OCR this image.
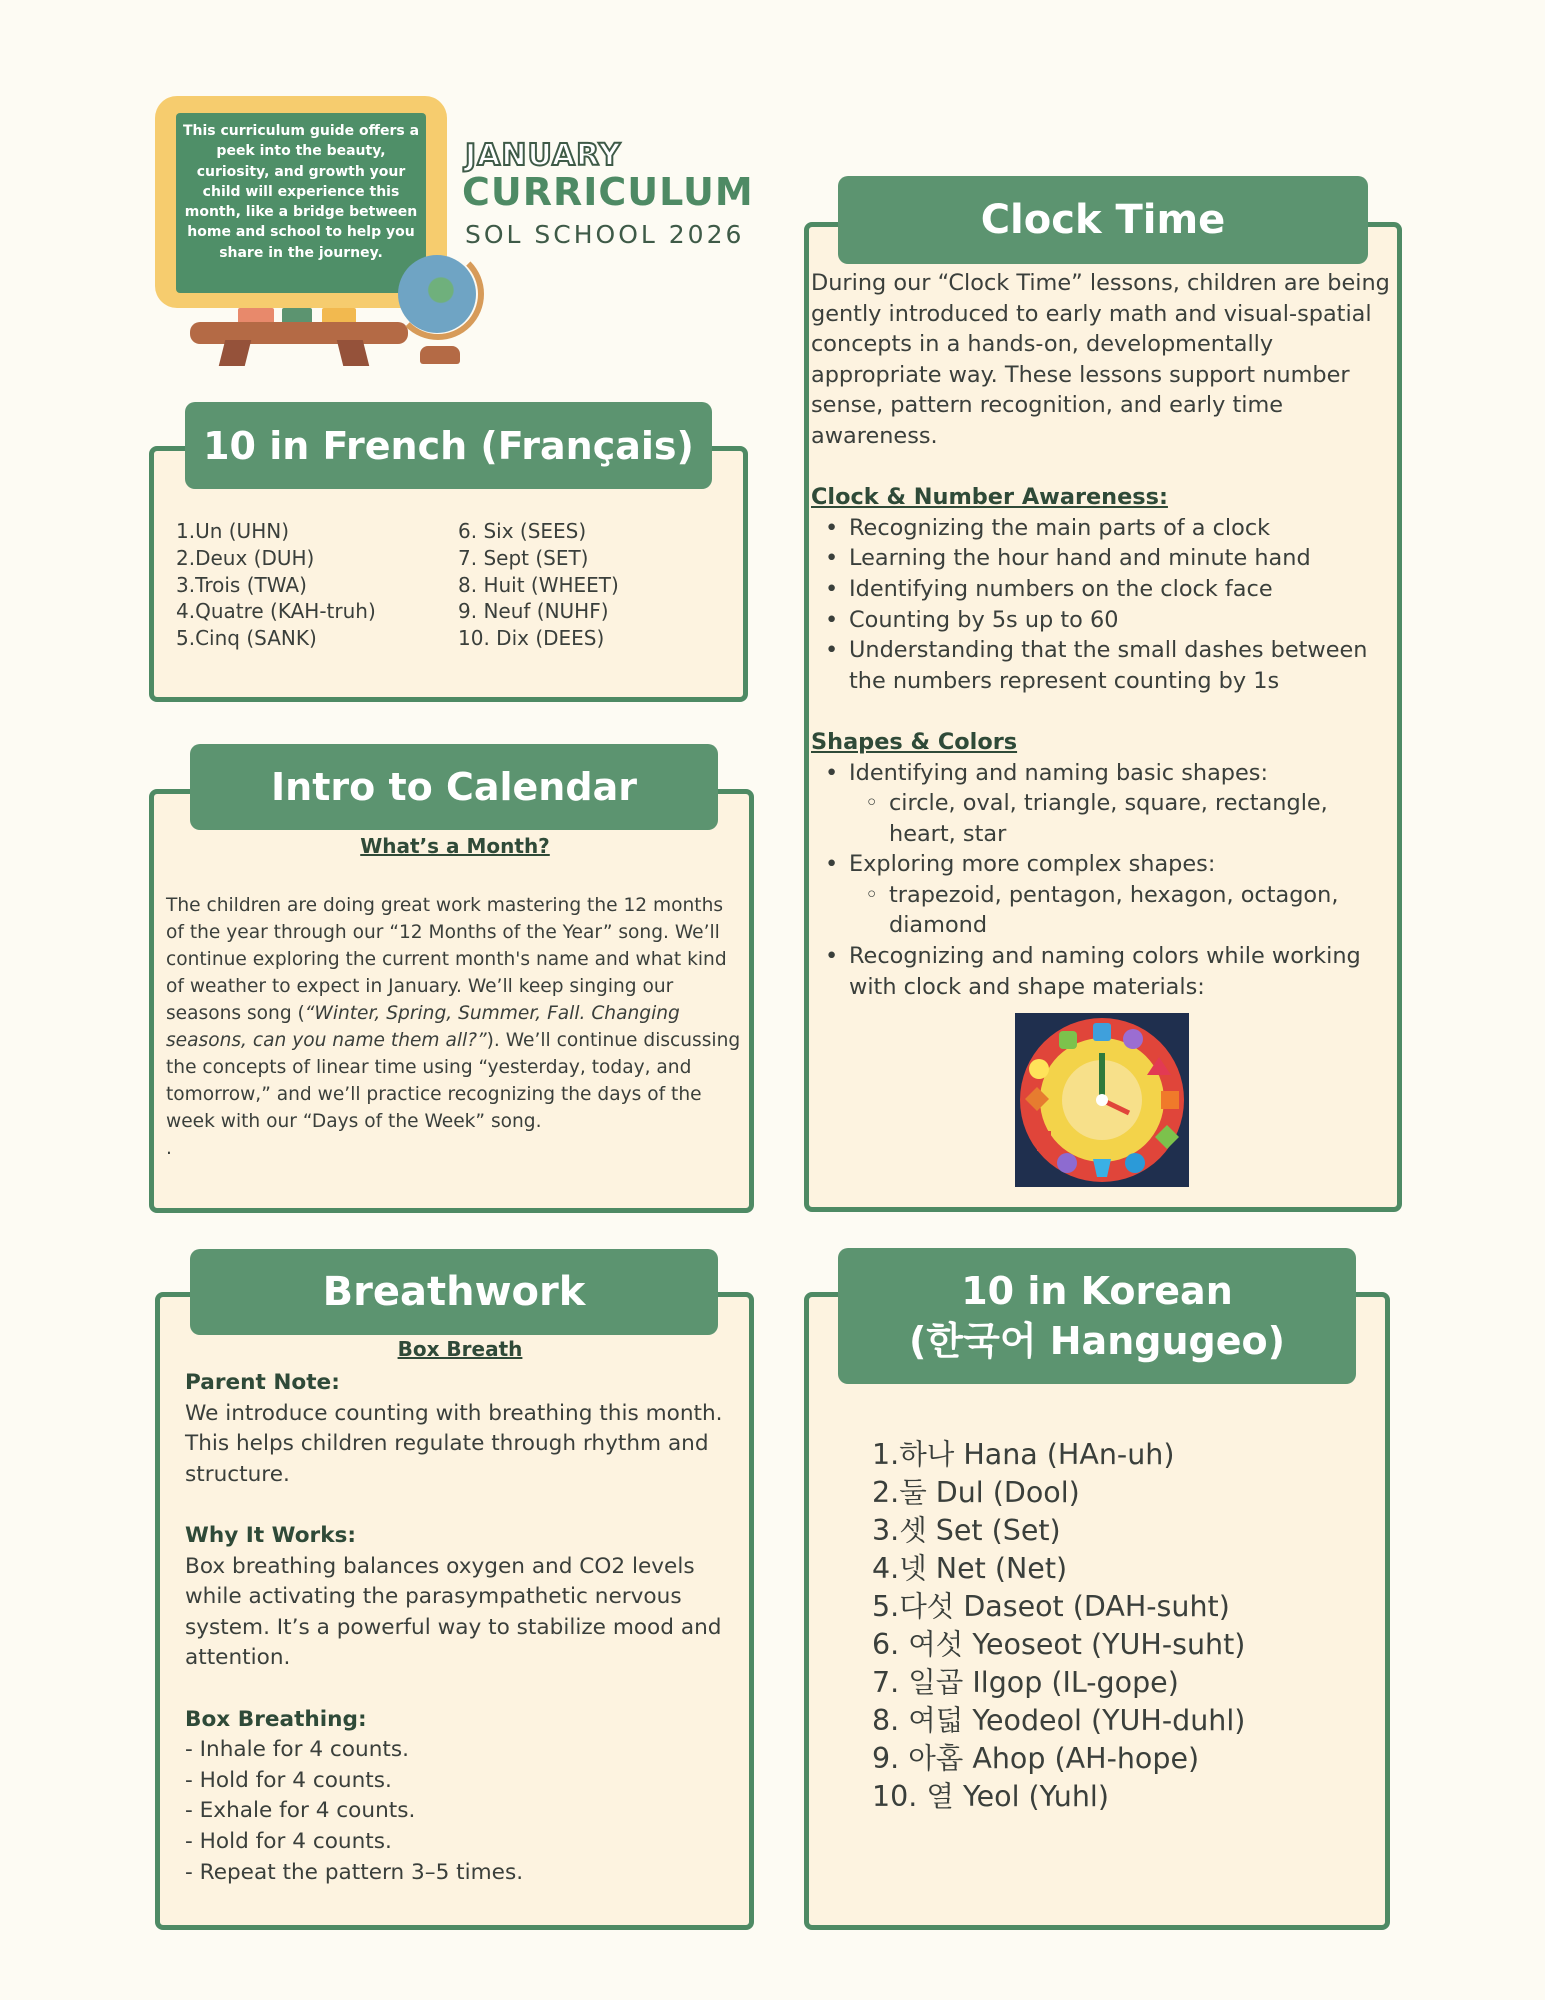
This curriculum guide offers a peek into the beauty, curiosity, and growth your child will experience this month, like a bridge between home and school to help you share in the journey.
JANUARY
CURRICULUM
SOL SCHOOL 2026
10 in French (Français)
1.Un (UHN)
2.Deux (DUH)
3.Trois (TWA)
4.Quatre (KAH-truh)
5.Cinq (SANK)
6. Six (SEES)
7. Sept (SET)
8. Huit (WHEET)
9. Neuf (NUHF)
10. Dix (DEES)
Intro to Calendar
What’s a Month?
The children are doing great work mastering the 12 months of the year through our “12 Months of the Year” song. We’ll continue exploring the current month's name and what kind of weather to expect in January. We’ll keep singing our seasons song (“Winter, Spring, Summer, Fall. Changing seasons, can you name them all?”). We’ll continue discussing the concepts of linear time using “yesterday, today, and tomorrow,” and we’ll practice recognizing the days of the week with our “Days of the Week” song.
.
Breathwork
Box Breath
Parent Note:
We introduce counting with breathing this month. This helps children regulate through rhythm and structure.
Why It Works:
Box breathing balances oxygen and CO2 levels while activating the parasympathetic nervous system. It’s a powerful way to stabilize mood and attention.
Box Breathing:
- Inhale for 4 counts.
- Hold for 4 counts.
- Exhale for 4 counts.
- Hold for 4 counts.
- Repeat the pattern 3–5 times.
Clock Time
During our “Clock Time” lessons, children are being gently introduced to early math and visual-spatial concepts in a hands-on, developmentally appropriate way. These lessons support number sense, pattern recognition, and early time awareness.
Clock & Number Awareness:
• Recognizing the main parts of a clock
• Learning the hour hand and minute hand
• Identifying numbers on the clock face
• Counting by 5s up to 60
• Understanding that the small dashes between the numbers represent counting by 1s
Shapes & Colors
• Identifying and naming basic shapes:
◦ circle, oval, triangle, square, rectangle, heart, star
• Exploring more complex shapes:
◦ trapezoid, pentagon, hexagon, octagon, diamond
• Recognizing and naming colors while working with clock and shape materials:
10 in Korean
(한국어 Hangugeo)
1.하나 Hana (HAn-uh)
2.둘 Dul (Dool)
3.셋 Set (Set)
4.넷 Net (Net)
5.다섯 Daseot (DAH-suht)
6. 여섯 Yeoseot (YUH-suht)
7. 일곱 Ilgop (IL-gope)
8. 여덟 Yeodeol (YUH-duhl)
9. 아홉 Ahop (AH-hope)
10. 열 Yeol (Yuhl)
